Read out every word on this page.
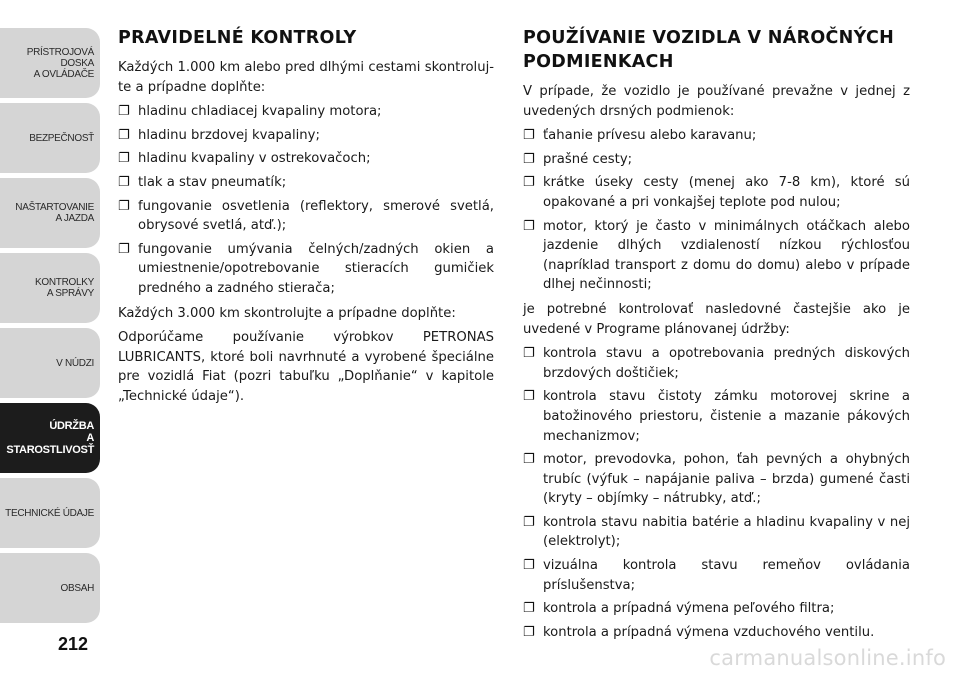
PRÍSTROJOVÁ
DOSKA
A OVLÁDAČE
BEZPEČNOSŤ
NAŠTARTOVANIE
A JAZDA
KONTROLKY
A SPRÁVY
V NÚDZI
ÚDRŽBA
A STAROSTLIVOSŤ
TECHNICKÉ ÚDAJE
OBSAH
212
carmanualsonline.info
PRAVIDELNÉ KONTROLY

Každých 1.000 km alebo pred dlhými cestami skontroluj-te a prípadne doplňte:

❐ hladinu chladiacej kvapaliny motora;
❐ hladinu brzdovej kvapaliny;
❐ hladinu kvapaliny v ostrekovačoch;
❐ tlak a stav pneumatík;
❐ fungovanie osvetlenia (reflektory, smerové svetlá, obrysové svetlá, atď.);
❐ fungovanie umývania čelných/zadných okien a umiestnenie/opotrebovanie stieracích gumičiek predného a zadného stierača;

Každých 3.000 km skontrolujte a prípadne doplňte:

Odporúčame používanie výrobkov PETRONAS LUBRICANTS, ktoré boli navrhnuté a vyrobené špeciálne pre vozidlá Fiat (pozri tabuľku „Doplňanie“ v kapitole „Technické údaje“).

POUŽÍVANIE VOZIDLA V NÁROČNÝCH PODMIENKACH

V prípade, že vozidlo je používané prevažne v jednej z uvedených drsných podmienok:

❐ ťahanie prívesu alebo karavanu;
❐ prašné cesty;
❐ krátke úseky cesty (menej ako 7-8 km), ktoré sú opakované a pri vonkajšej teplote pod nulou;
❐ motor, ktorý je často v minimálnych otáčkach alebo jazdenie dlhých vzdialeností nízkou rýchlosťou (napríklad transport z domu do domu) alebo v prípade dlhej nečinnosti;

je potrebné kontrolovať nasledovné častejšie ako je uvedené v Programe plánovanej údržby:

❐ kontrola stavu a opotrebovania predných diskových brzdových doštičiek;
❐ kontrola stavu čistoty zámku motorovej skrine a batožinového priestoru, čistenie a mazanie pákových mechanizmov;
❐ motor, prevodovka, pohon, ťah pevných a ohybných trubíc (výfuk – napájanie paliva – brzda) gumené časti (kryty – objímky – nátrubky, atď.;
❐ kontrola stavu nabitia batérie a hladinu kvapaliny v nej (elektrolyt);
❐ vizuálna kontrola stavu remeňov ovládania príslušenstva;
❐ kontrola a prípadná výmena peľového filtra;
❐ kontrola a prípadná výmena vzduchového ventilu.
